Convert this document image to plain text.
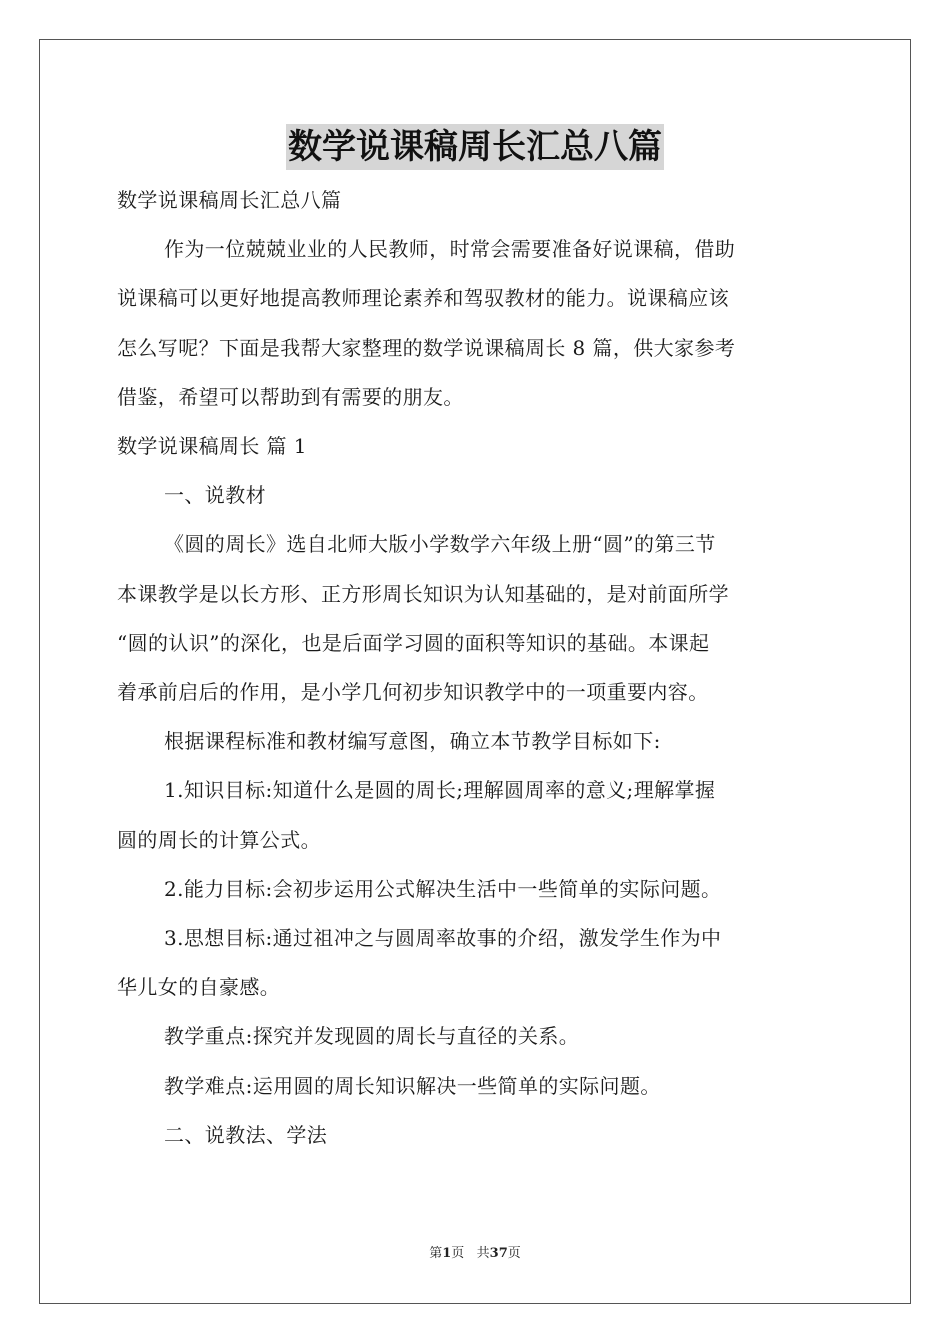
数学说课稿周长汇总八篇

数学说课稿周长汇总八篇

作为一位兢兢业业的人民教师，时常会需要准备好说课稿，借助

说课稿可以更好地提高教师理论素养和驾驭教材的能力。说课稿应该

怎么写呢？下面是我帮大家整理的数学说课稿周长 8 篇，供大家参考

借鉴，希望可以帮助到有需要的朋友。

数学说课稿周长 篇 1

一、说教材

《圆的周长》选自北师大版小学数学六年级上册“圆”的第三节

本课教学是以长方形、正方形周长知识为认知基础的，是对前面所学

“圆的认识”的深化，也是后面学习圆的面积等知识的基础。本课起

着承前启后的作用，是小学几何初步知识教学中的一项重要内容。

根据课程标准和教材编写意图，确立本节教学目标如下:

1.知识目标:知道什么是圆的周长;理解圆周率的意义;理解掌握

圆的周长的计算公式。

2.能力目标:会初步运用公式解决生活中一些简单的实际问题。

3.思想目标:通过祖冲之与圆周率故事的介绍，激发学生作为中

华儿女的自豪感。

教学重点:探究并发现圆的周长与直径的关系。

教学难点:运用圆的周长知识解决一些简单的实际问题。

二、说教法、学法

第1页   共37页
